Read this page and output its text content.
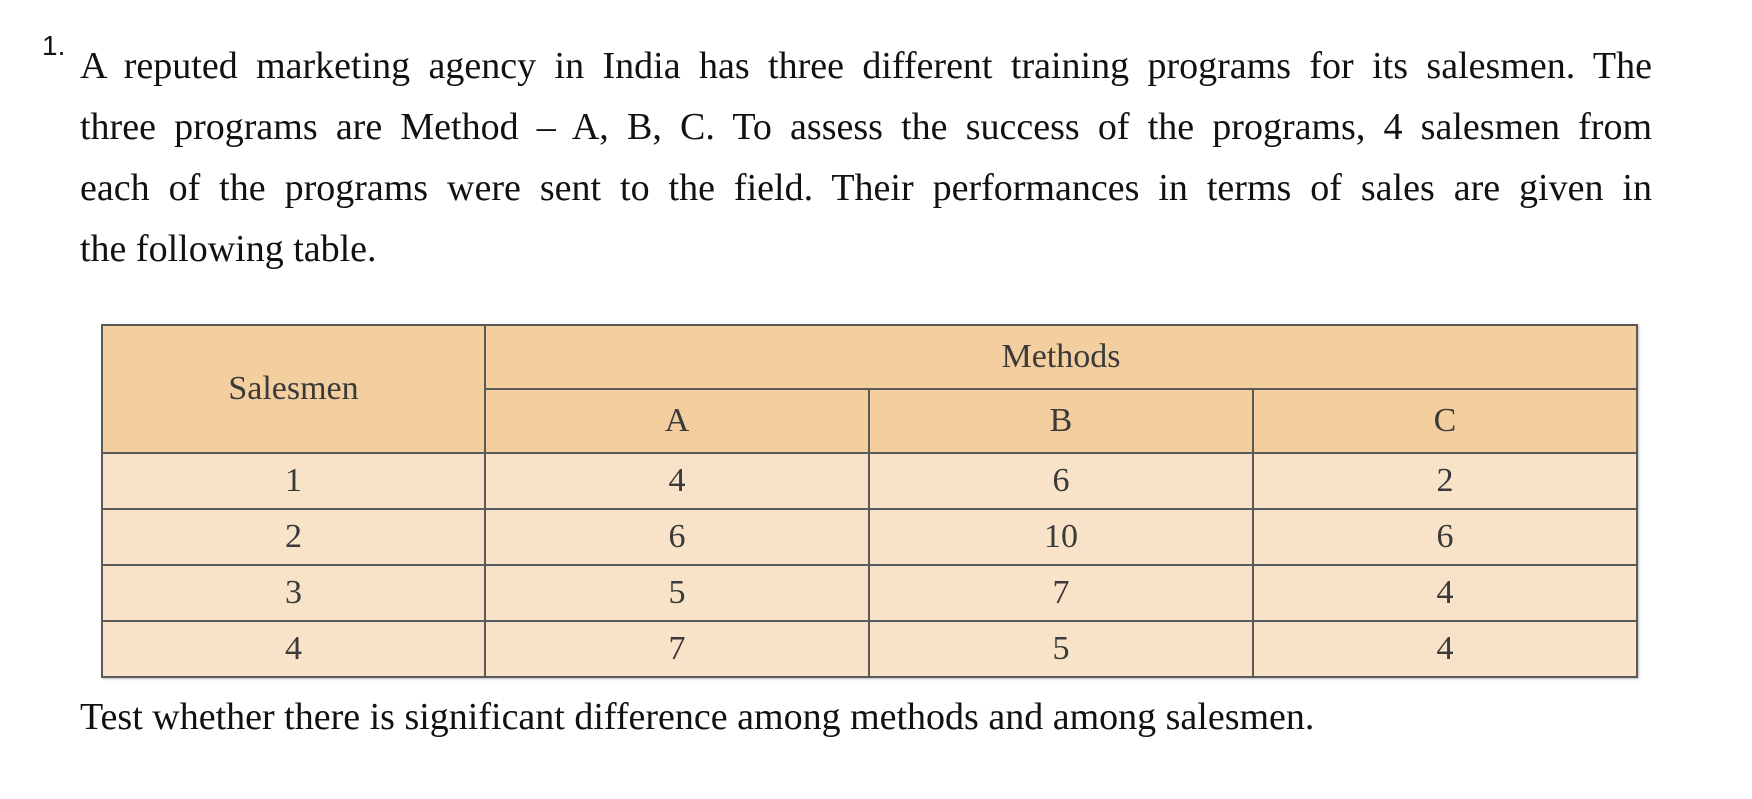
1. A reputed marketing agency in India has three different training programs for its salesmen. The
three programs are Method – A, B, C. To assess the success of the programs, 4 salesmen from
each of the programs were sent to the field. Their performances in terms of sales are given in
the following table.
Salesmen	Methods		
	A	B	C
1	4	6	2
2	6	10	6
3	5	7	4
4	7	5	4
Test whether there is significant difference among methods and among salesmen.
